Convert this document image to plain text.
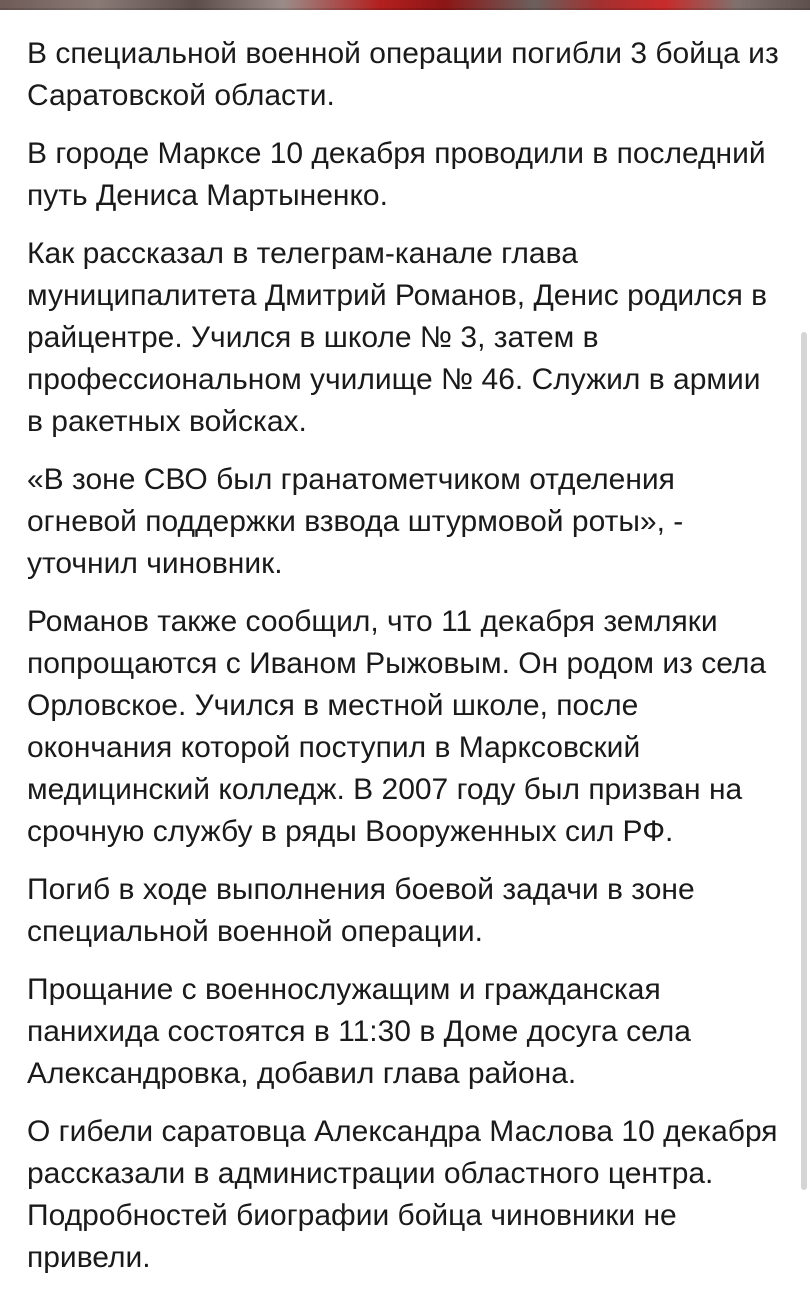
В специальной военной операции погибли 3 бойца из Саратовской области.

В городе Марксе 10 декабря проводили в последний путь Дениса Мартыненко.

Как рассказал в телеграм-канале глава муниципалитета Дмитрий Романов, Денис родился в райцентре. Учился в школе № 3, затем в профессиональном училище № 46. Служил в армии в ракетных войсках.

«В зоне СВО был гранатометчиком отделения огневой поддержки взвода штурмовой роты», - уточнил чиновник.

Романов также сообщил, что 11 декабря земляки попрощаются с Иваном Рыжовым. Он родом из села Орловское. Учился в местной школе, после окончания которой поступил в Марксовский медицинский колледж. В 2007 году был призван на срочную службу в ряды Вооруженных сил РФ.

Погиб в ходе выполнения боевой задачи в зоне специальной военной операции.

Прощание с военнослужащим и гражданская панихида состоятся в 11:30 в Доме досуга села Александровка, добавил глава района.

О гибели саратовца Александра Маслова 10 декабря рассказали в администрации областного центра. Подробностей биографии бойца чиновники не привели.
